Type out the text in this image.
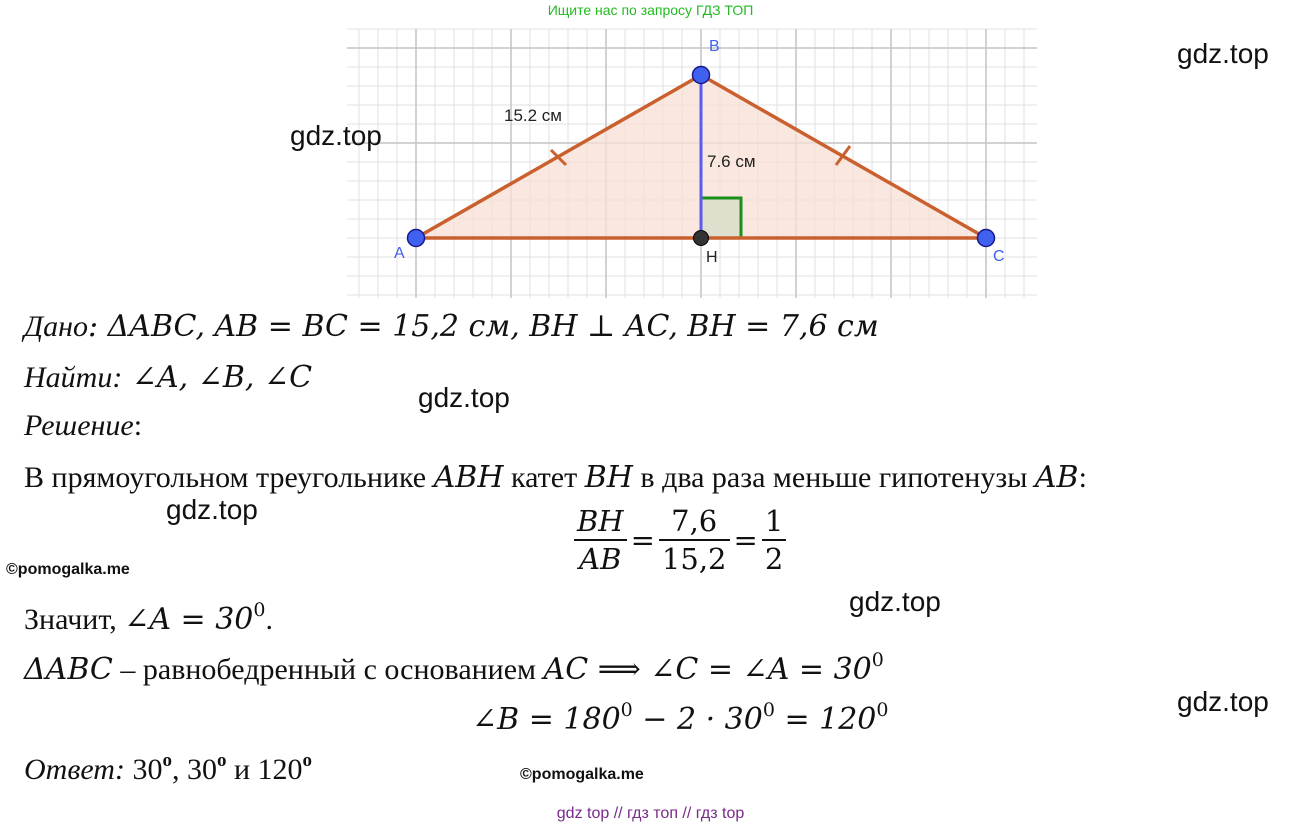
Ищите нас по запросу ГДЗ ТОП
A
B
C
H
15.2 см
7.6 см
gdz.top
gdz.top
gdz.top
gdz.top
gdz.top
gdz.top
©pomogalka.me
©pomogalka.me
Дано: ΔABC, AB = BC = 15,2 см, BH ⊥ AC, BH = 7,6 см
Найти: ∠A, ∠B, ∠C
Решение:
В прямоугольном треугольнике ABH катет BH в два раза меньше гипотенузы AB:
$\frac{BH}{AB} = \frac{7,6}{15,2} = \frac{1}{2}$
Значит, ∠A = $30^0$.
ΔABC – равнобедренный с основанием AC ⟹ ∠C = ∠A = $30^0$
∠B = $180^0 - 2 \cdot 30^0 = 120^0$
Ответ: 30$^o$, 30$^o$ и 120$^o$
gdz top // гдз топ // гдз top
